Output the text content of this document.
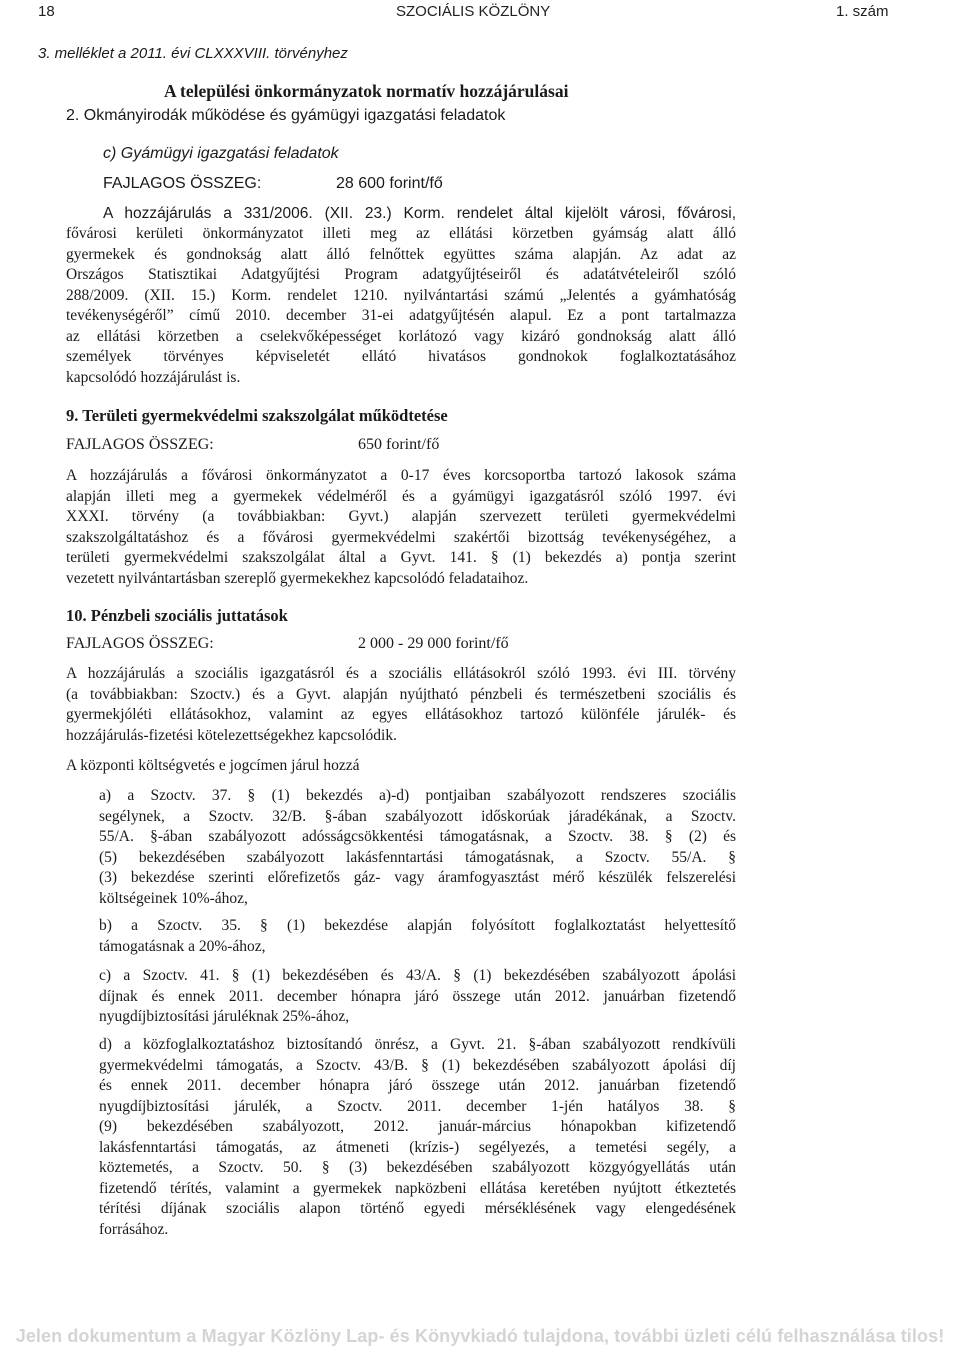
18	SZOCIÁLIS KÖZLÖNY	1. szám
3. melléklet a 2011. évi CLXXXVIII. törvényhez
A települési önkormányzatok normatív hozzájárulásai
2. Okmányirodák működése és gyámügyi igazgatási feladatok
c) Gyámügyi igazgatási feladatok
FAJLAGOS ÖSSZEG:	28 600 forint/fő
A hozzájárulás a 331/2006. (XII. 23.) Korm. rendelet által kijelölt városi, fővárosi,
fővárosi kerületi önkormányzatot illeti meg az ellátási körzetben gyámság alatt álló
gyermekek és gondnokság alatt álló felnőttek együttes száma alapján. Az adat az
Országos Statisztikai Adatgyűjtési Program adatgyűjtéseiről és adatátvételeiről szóló
288/2009. (XII. 15.) Korm. rendelet 1210. nyilvántartási számú „Jelentés a gyámhatóság
tevékenységéről” című 2010. december 31-ei adatgyűjtésén alapul. Ez a pont tartalmazza
az ellátási körzetben a cselekvőképességet korlátozó vagy kizáró gondnokság alatt álló
személyek törvényes képviseletét ellátó hivatásos gondnokok foglalkoztatásához
kapcsolódó hozzájárulást is.
9. Területi gyermekvédelmi szakszolgálat működtetése
FAJLAGOS ÖSSZEG:	650 forint/fő
A hozzájárulás a fővárosi önkormányzatot a 0-17 éves korcsoportba tartozó lakosok száma
alapján illeti meg a gyermekek védelméről és a gyámügyi igazgatásról szóló 1997. évi
XXXI. törvény (a továbbiakban: Gyvt.) alapján szervezett területi gyermekvédelmi
szakszolgáltatáshoz és a fővárosi gyermekvédelmi szakértői bizottság tevékenységéhez, a
területi gyermekvédelmi szakszolgálat által a Gyvt. 141. § (1) bekezdés a) pontja szerint
vezetett nyilvántartásban szereplő gyermekekhez kapcsolódó feladataihoz.
10. Pénzbeli szociális juttatások
FAJLAGOS ÖSSZEG:	2 000 - 29 000 forint/fő
A hozzájárulás a szociális igazgatásról és a szociális ellátásokról szóló 1993. évi III. törvény
(a továbbiakban: Szoctv.) és a Gyvt. alapján nyújtható pénzbeli és természetbeni szociális és
gyermekjóléti ellátásokhoz, valamint az egyes ellátásokhoz tartozó különféle járulék- és
hozzájárulás-fizetési kötelezettségekhez kapcsolódik.
A központi költségvetés e jogcímen járul hozzá
a) a Szoctv. 37. § (1) bekezdés a)-d) pontjaiban szabályozott rendszeres szociális
segélynek, a Szoctv. 32/B. §-ában szabályozott időskorúak járadékának, a Szoctv.
55/A. §-ában szabályozott adósságcsökkentési támogatásnak, a Szoctv. 38. § (2) és
(5) bekezdésében szabályozott lakásfenntartási támogatásnak, a Szoctv. 55/A. §
(3) bekezdése szerinti előrefizetős gáz- vagy áramfogyasztást mérő készülék felszerelési
költségeinek 10%-ához,
b) a Szoctv. 35. § (1) bekezdése alapján folyósított foglalkoztatást helyettesítő
támogatásnak a 20%-ához,
c) a Szoctv. 41. § (1) bekezdésében és 43/A. § (1) bekezdésében szabályozott ápolási
díjnak és ennek 2011. december hónapra járó összege után 2012. januárban fizetendő
nyugdíjbiztosítási járuléknak 25%-ához,
d) a közfoglalkoztatáshoz biztosítandó önrész, a Gyvt. 21. §-ában szabályozott rendkívüli
gyermekvédelmi támogatás, a Szoctv. 43/B. § (1) bekezdésében szabályozott ápolási díj
és ennek 2011. december hónapra járó összege után 2012. januárban fizetendő
nyugdíjbiztosítási járulék, a Szoctv. 2011. december 1-jén hatályos 38. §
(9) bekezdésében szabályozott, 2012. január-március hónapokban kifizetendő
lakásfenntartási támogatás, az átmeneti (krízis-) segélyezés, a temetési segély, a
köztemetés, a Szoctv. 50. § (3) bekezdésében szabályozott közgyógyellátás után
fizetendő térítés, valamint a gyermekek napközbeni ellátása keretében nyújtott étkeztetés
térítési díjának szociális alapon történő egyedi mérséklésének vagy elengedésének
forrásához.
Jelen dokumentum a Magyar Közlöny Lap- és Könyvkiadó tulajdona, további üzleti célú felhasználása tilos!
